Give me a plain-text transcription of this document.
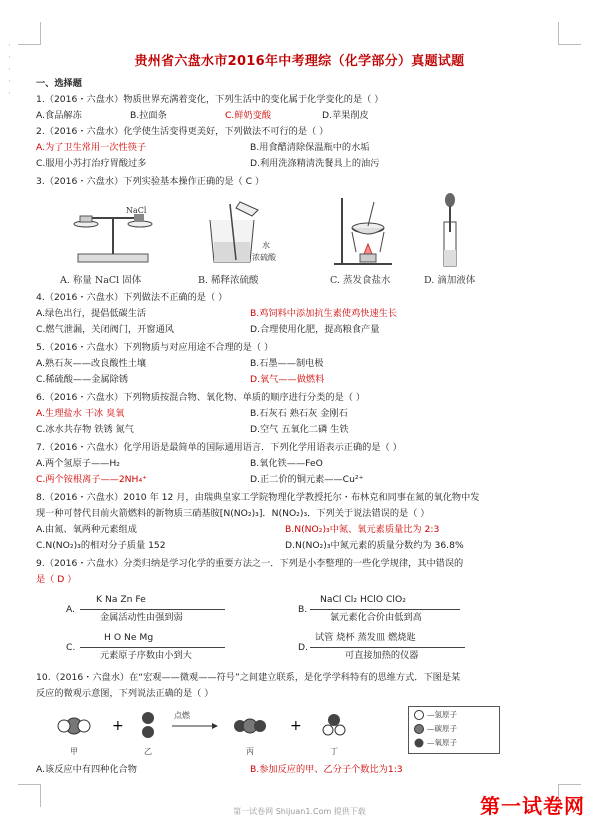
·
·
·
·
·
贵州省六盘水市2016年中考理综（化学部分）真题试题
一、选择题
1.（2016・六盘水）物质世界充满着变化，下列生活中的变化属于化学变化的是（ ）
A.食品解冻	B.拉面条	C.鲜奶变酸	D.苹果削皮
2.（2016・六盘水）化学使生活变得更美好，下列做法不可行的是（ ）
A.为了卫生常用一次性筷子	B.用食醋清除保温瓶中的水垢
C.服用小苏打治疗胃酸过多	D.利用洗涤精清洗餐具上的油污
3.（2016・六盘水）下列实验基本操作正确的是（ C ）
NaCl
A. 称量 NaCl 固体
水
浓硫酸
B. 稀释浓硫酸	C. 蒸发食盐水	D. 滴加液体
4.（2016・六盘水）下列做法不正确的是（ ）
A.绿色出行，提倡低碳生活	B.鸡饲料中添加抗生素使鸡快速生长
C.燃气泄漏，关闭阀门，开窗通风	D.合理使用化肥，提高粮食产量
5.（2016・六盘水）下列物质与对应用途不合理的是（ ）
A.熟石灰——改良酸性土壤	B.石墨——制电极
C.稀硫酸——金属除锈	D.氧气——做燃料
6.（2016・六盘水）下列物质按混合物、氧化物、单质的顺序进行分类的是（ ）
A.生理盐水 干冰 臭氧	B.石灰石 熟石灰 金刚石
C.冰水共存物 铁锈 氮气	D.空气 五氧化二磷 生铁
7.（2016・六盘水）化学用语是最简单的国际通用语言．下列化学用语表示正确的是（ ）
A.两个氢原子——H₂	B.氧化铁——FeO
C.两个铵根离子——2NH₄⁺	D.正二价的铜元素——Cu²⁺
8.（2016・六盘水）2010 年 12 月，由瑞典皇家工学院物理化学教授托尔・布林克和同事在氮的氧化物中发
现一种可替代目前火箭燃料的新物质三硝基胺[N(NO₂)₃]．N(NO₂)₃．下列关于说法错误的是（ ）
A.由氮、氧两种元素组成	B.N(NO₂)₃中氮、氧元素质量比为 2:3
C.N(NO₂)₃的相对分子质量 152	D.N(NO₂)₃中氮元素的质量分数约为 36.8%
9.（2016・六盘水）分类归纳是学习化学的重要方法之一．下列是小李整理的一些化学规律，其中错误的
是（ D ）
A.
K Na Zn Fe
金属活动性由强到弱
B.
NaCl Cl₂ HClO ClO₂
氯元素化合价由低到高
C.
H O Ne Mg
元素原子序数由小到大
D.
试管 烧杯 蒸发皿 燃烧匙
可直接加热的仪器
10.（2016・六盘水）在“宏观——微观——符号”之间建立联系，是化学学科特有的思维方式．下图是某
反应的微观示意图，下列说法正确的是（ ）
+	+
点燃
甲	乙	丙	丁
—氢原子
—碳原子
—氧原子
A.该反应中有四种化合物	B.参加反应的甲、乙分子个数比为1:3
第一试卷网 Shijuan1.Com 提供下载	第一试卷网
